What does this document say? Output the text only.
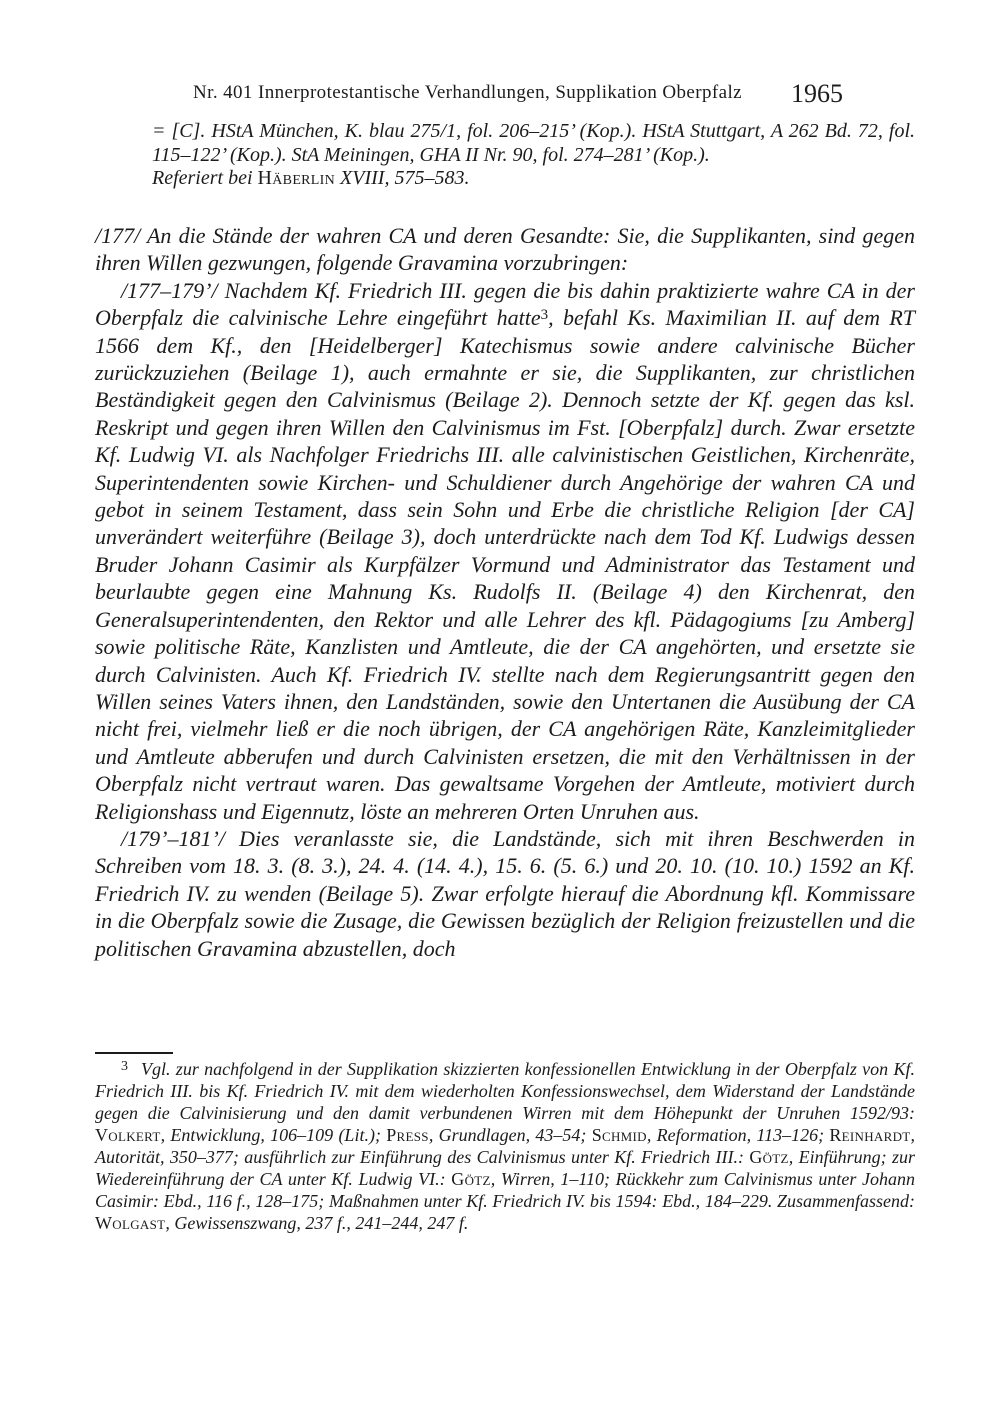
Nr. 401 Innerprotestantische Verhandlungen, Supplikation Oberpfalz	1965

= [C]. HStA München, K. blau 275/1, fol. 206–215’ (Kop.). HStA Stuttgart, A 262 Bd. 72, fol. 115–122’ (Kop.). StA Meiningen, GHA II Nr. 90, fol. 274–281’ (Kop.).

Referiert bei Häberlin XVIII, 575–583.

/177/ An die Stände der wahren CA und deren Gesandte: Sie, die Supplikanten, sind gegen ihren Willen gezwungen, folgende Gravamina vorzubringen:

/177–179’/ Nachdem Kf. Friedrich III. gegen die bis dahin praktizierte wahre CA in der Oberpfalz die calvinische Lehre eingeführt hatte$^3$, befahl Ks. Maximilian II. auf dem RT 1566 dem Kf., den [Heidelberger] Katechismus sowie andere calvinische Bücher zurückzuziehen (Beilage 1), auch ermahnte er sie, die Supplikanten, zur christlichen Beständigkeit gegen den Calvinismus (Beilage 2). Dennoch setzte der Kf. gegen das ksl. Reskript und gegen ihren Willen den Calvinismus im Fst. [Oberpfalz] durch. Zwar ersetzte Kf. Ludwig VI. als Nachfolger Friedrichs III. alle calvinistischen Geistlichen, Kirchenräte, Superintendenten sowie Kirchen- und Schuldiener durch Angehörige der wahren CA und gebot in seinem Testament, dass sein Sohn und Erbe die christliche Religion [der CA] unverändert weiterführe (Beilage 3), doch unterdrückte nach dem Tod Kf. Ludwigs dessen Bruder Johann Casimir als Kurpfälzer Vormund und Administrator das Testament und beurlaubte gegen eine Mahnung Ks. Rudolfs II. (Beilage 4) den Kirchenrat, den Generalsuperintendenten, den Rektor und alle Lehrer des kfl. Pädagogiums [zu Amberg] sowie politische Räte, Kanzlisten und Amtleute, die der CA angehörten, und ersetzte sie durch Calvinisten. Auch Kf. Friedrich IV. stellte nach dem Regierungsantritt gegen den Willen seines Vaters ihnen, den Landständen, sowie den Untertanen die Ausübung der CA nicht frei, vielmehr ließ er die noch übrigen, der CA angehörigen Räte, Kanzleimitglieder und Amtleute abberufen und durch Calvinisten ersetzen, die mit den Verhältnissen in der Oberpfalz nicht vertraut waren. Das gewaltsame Vorgehen der Amtleute, motiviert durch Religionshass und Eigennutz, löste an mehreren Orten Unruhen aus.

/179’–181’/ Dies veranlasste sie, die Landstände, sich mit ihren Beschwerden in Schreiben vom 18. 3. (8. 3.), 24. 4. (14. 4.), 15. 6. (5. 6.) und 20. 10. (10. 10.) 1592 an Kf. Friedrich IV. zu wenden (Beilage 5). Zwar erfolgte hierauf die Abordnung kfl. Kommissare in die Oberpfalz sowie die Zusage, die Gewissen bezüglich der Religion freizustellen und die politischen Gravamina abzustellen, doch

$^3$ Vgl. zur nachfolgend in der Supplikation skizzierten konfessionellen Entwicklung in der Oberpfalz von Kf. Friedrich III. bis Kf. Friedrich IV. mit dem wiederholten Konfessionswechsel, dem Widerstand der Landstände gegen die Calvinisierung und den damit verbundenen Wirren mit dem Höhepunkt der Unruhen 1592/93: Volkert, Entwicklung, 106–109 (Lit.); Press, Grundlagen, 43–54; Schmid, Reformation, 113–126; Reinhardt, Autorität, 350–377; ausführlich zur Einführung des Calvinismus unter Kf. Friedrich III.: Götz, Einführung; zur Wiedereinführung der CA unter Kf. Ludwig VI.: Götz, Wirren, 1–110; Rückkehr zum Calvinismus unter Johann Casimir: Ebd., 116 f., 128–175; Maßnahmen unter Kf. Friedrich IV. bis 1594: Ebd., 184–229. Zusammenfassend: Wolgast, Gewissenszwang, 237 f., 241–244, 247 f.
